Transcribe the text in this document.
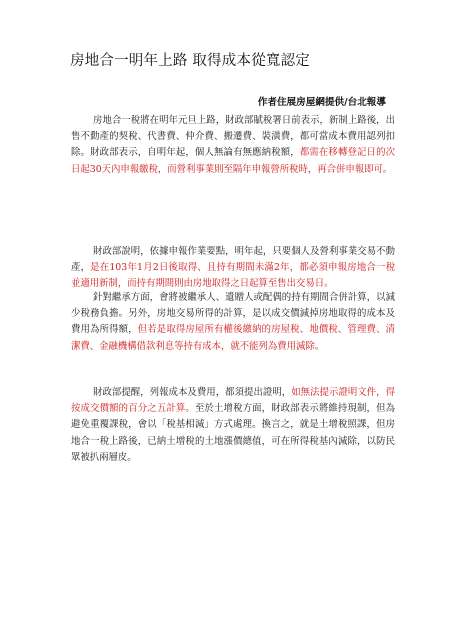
房地合一明年上路 取得成本從寬認定
作者住展房屋網提供/台北報導

房地合一稅將在明年元旦上路，財政部賦稅署日前表示，新制上路後，出售不動產的契稅、代書費、仲介費、搬遷費、裝潢費，都可當成本費用認列扣除。財政部表示，自明年起，個人無論有無應納稅額，都需在移轉登記日的次日起30天內申報繳稅，而營利事業則至隔年申報營所稅時，再合併申報即可。

財政部說明，依據申報作業要點，明年起，只要個人及營利事業交易不動產，是在103年1月2日後取得、且持有期間未滿2年，都必須申報房地合一稅並適用新制，而持有期間則由房地取得之日起算至售出交易日。

針對繼承方面，會將被繼承人、遺贈人或配偶的持有期間合併計算，以減少稅務負擔。另外，房地交易所得的計算，是以成交價減掉房地取得的成本及費用為所得額，但若是取得房屋所有權後繳納的房屋稅、地價稅、管理費、清潔費、金融機構借款利息等持有成本，就不能列為費用減除。

財政部提醒，列報成本及費用，都須提出證明，如無法提示證明文件，得按成交價額的百分之五計算。至於土增稅方面，財政部表示將維持現制，但為避免重覆課稅，會以「稅基相減」方式處理。換言之，就是土增稅照課，但房地合一稅上路後，已納土增稅的土地漲價總值，可在所得稅基內減除，以防民眾被扒兩層皮。
